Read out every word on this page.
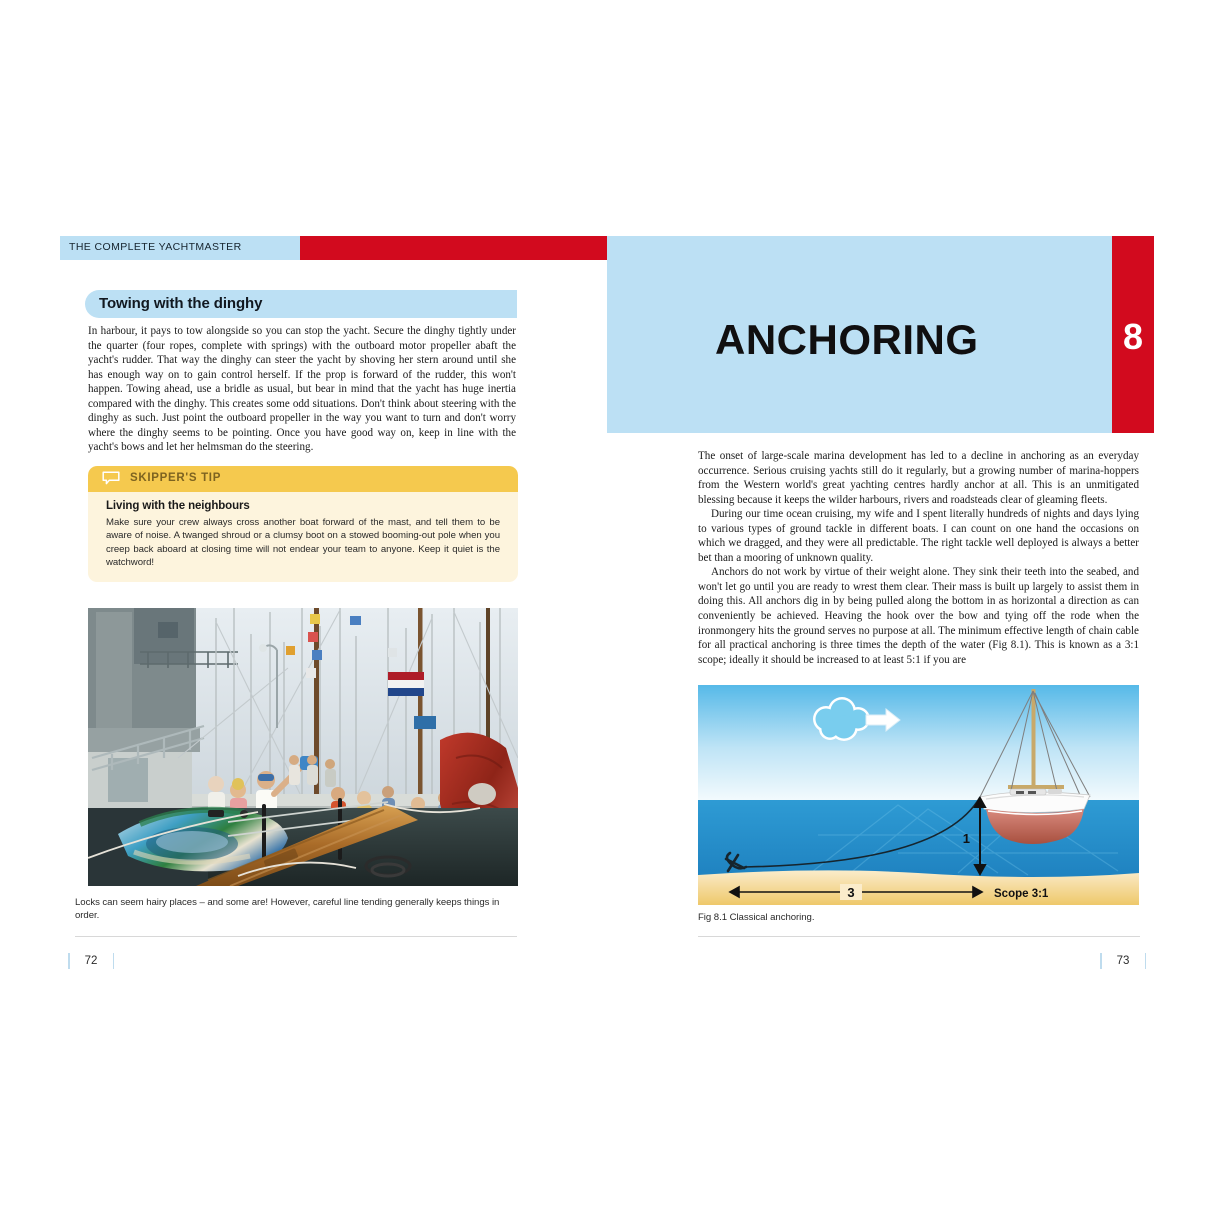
THE COMPLETE YACHTMASTER
Towing with the dinghy

In harbour, it pays to tow alongside so you can stop the yacht. Secure the dinghy tightly under the quarter (four ropes, complete with springs) with the outboard motor propeller abaft the yacht's rudder. That way the dinghy can steer the yacht by shoving her stern around until she has enough way on to gain control herself. If the prop is forward of the rudder, this won't happen. Towing ahead, use a bridle as usual, but bear in mind that the yacht has huge inertia compared with the dinghy. This creates some odd situations. Don't think about steering with the dinghy as such. Just point the outboard propeller in the way you want to turn and don't worry where the dinghy seems to be pointing. Once you have good way on, keep in line with the yacht's bows and let her helmsman do the steering.

SKIPPER'S TIP

Living with the neighbours

Make sure your crew always cross another boat forward of the mast, and tell them to be aware of noise. A twanged shroud or a clumsy boot on a stowed booming-out pole when you creep back aboard at closing time will not endear your team to anyone. Keep it quiet is the watchword!

Locks can seem hairy places – and some are! However, careful line tending generally keeps things in order.
72
ANCHORING	8

The onset of large-scale marina development has led to a decline in anchoring as an everyday occurrence. Serious cruising yachts still do it regularly, but a growing number of marina-hoppers from the Western world's great yachting centres hardly anchor at all. This is an unmitigated blessing because it keeps the wilder harbours, rivers and roadsteads clear of gleaming fleets.

During our time ocean cruising, my wife and I spent literally hundreds of nights and days lying to various types of ground tackle in different boats. I can count on one hand the occasions on which we dragged, and they were all predictable. The right tackle well deployed is always a better bet than a mooring of unknown quality.

Anchors do not work by virtue of their weight alone. They sink their teeth into the seabed, and won't let go until you are ready to wrest them clear. Their mass is built up largely to assist them in doing this. All anchors dig in by being pulled along the bottom in as horizontal a direction as can conveniently be achieved. Heaving the hook over the bow and tying off the rode when the ironmongery hits the ground serves no purpose at all. The minimum effective length of chain cable for all practical anchoring is three times the depth of the water (Fig 8.1). This is known as a 3:1 scope; ideally it should be increased to at least 5:1 if you are

1
3	Scope 3:1
Fig 8.1 Classical anchoring.
73
